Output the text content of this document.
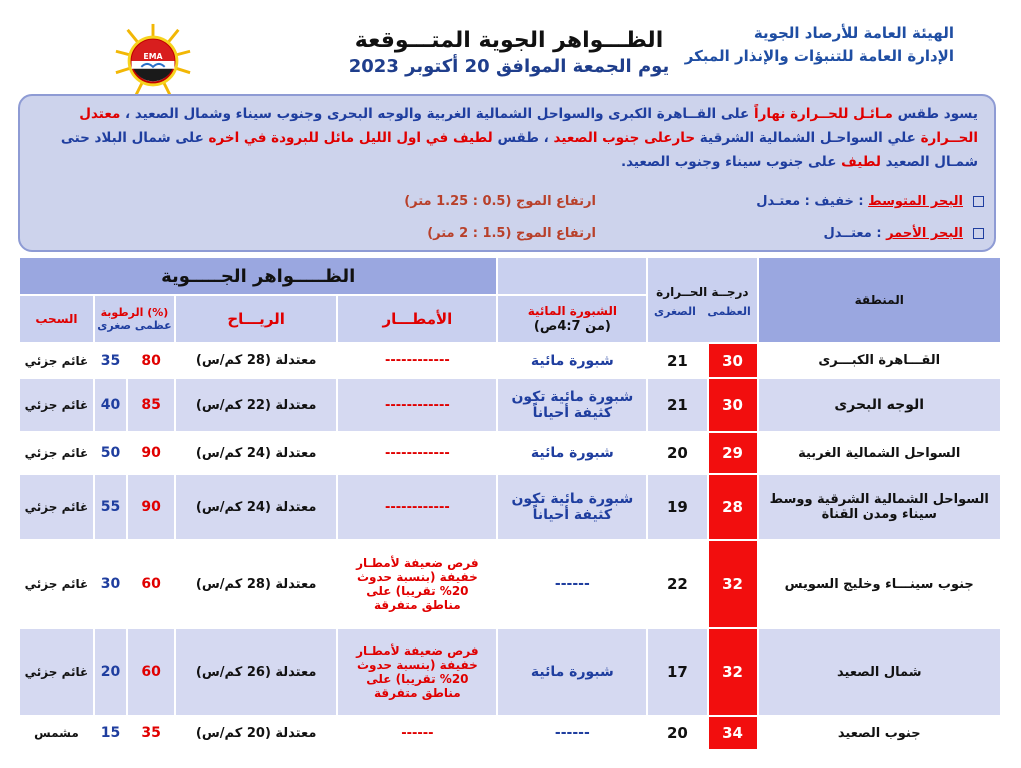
الهيئة العامة للأرصاد الجوية
الإدارة العامة للتنبؤات والإنذار المبكر
الظـــواهر الجوية المتـــوقعة
يوم الجمعة الموافق 20 أكتوبر 2023
EMA
يسود طقس مـائـل للحــرارة نهاراً على القــاهرة الكبرى والسواحل الشمالية الغربية والوجه البحرى وجنوب سيناء وشمال الصعيد ، معتدل الحــرارة علي السواحـل الشمالية الشرقية حارعلى جنوب الصعيد ، طقس لطيف في اول الليل مائل للبرودة في اخره على شمال البلاد حتى شمـال الصعيد لطيف على جنوب سيناء وجنوب الصعيد.
البحر المتوسط : خفيف : معتـدل
ارتفاع الموج (0.5 : 1.25 متر)
البحر الأحمر : معتــدل
ارتفاع الموج (1.5 : 2 متر)
الظـــــواهر الجـــــوية						درجــة الحــرارة
العظمى   الصغرى		المنطقة
السحب	الرطوبة (%)
عظمى صغرى		الريـــاح	الأمطـــار	الشبورة المائية
(من 4:7ص)			
غائم جزئي	35	80	معتدلة (28 كم/س)	------------	شبورة مائية	21	30	القـــاهرة الكبـــرى
غائم جزئي	40	85	معتدلة (22 كم/س)	------------	شبورة مائية تكون كثيفة أحياناً	21	30	الوجه البحرى
غائم جزئي	50	90	معتدلة (24 كم/س)	------------	شبورة مائية	20	29	السواحل الشمالية الغربية
غائم جزئي	55	90	معتدلة (24 كم/س)	------------	شبورة مائية تكون كثيفة أحياناً	19	28	السواحل الشمالية الشرقية ووسط سيناء ومدن القناة
غائم جزئي	30	60	معتدلة (28 كم/س)	فرص ضعيفة لأمطـار خفيفة (بنسبة حدوث 20% تقريبا) على مناطق متفرقة	------	22	32	جنوب سينـــاء وخليج السويس
غائم جزئي	20	60	معتدلة (26 كم/س)	فرص ضعيفة لأمطـار خفيفة (بنسبة حدوث 20% تقريبا) على مناطق متفرقة	شبورة مائية	17	32	شمال الصعيد
مشمس	15	35	معتدلة (20 كم/س)	------	------	20	34	جنوب الصعيد
